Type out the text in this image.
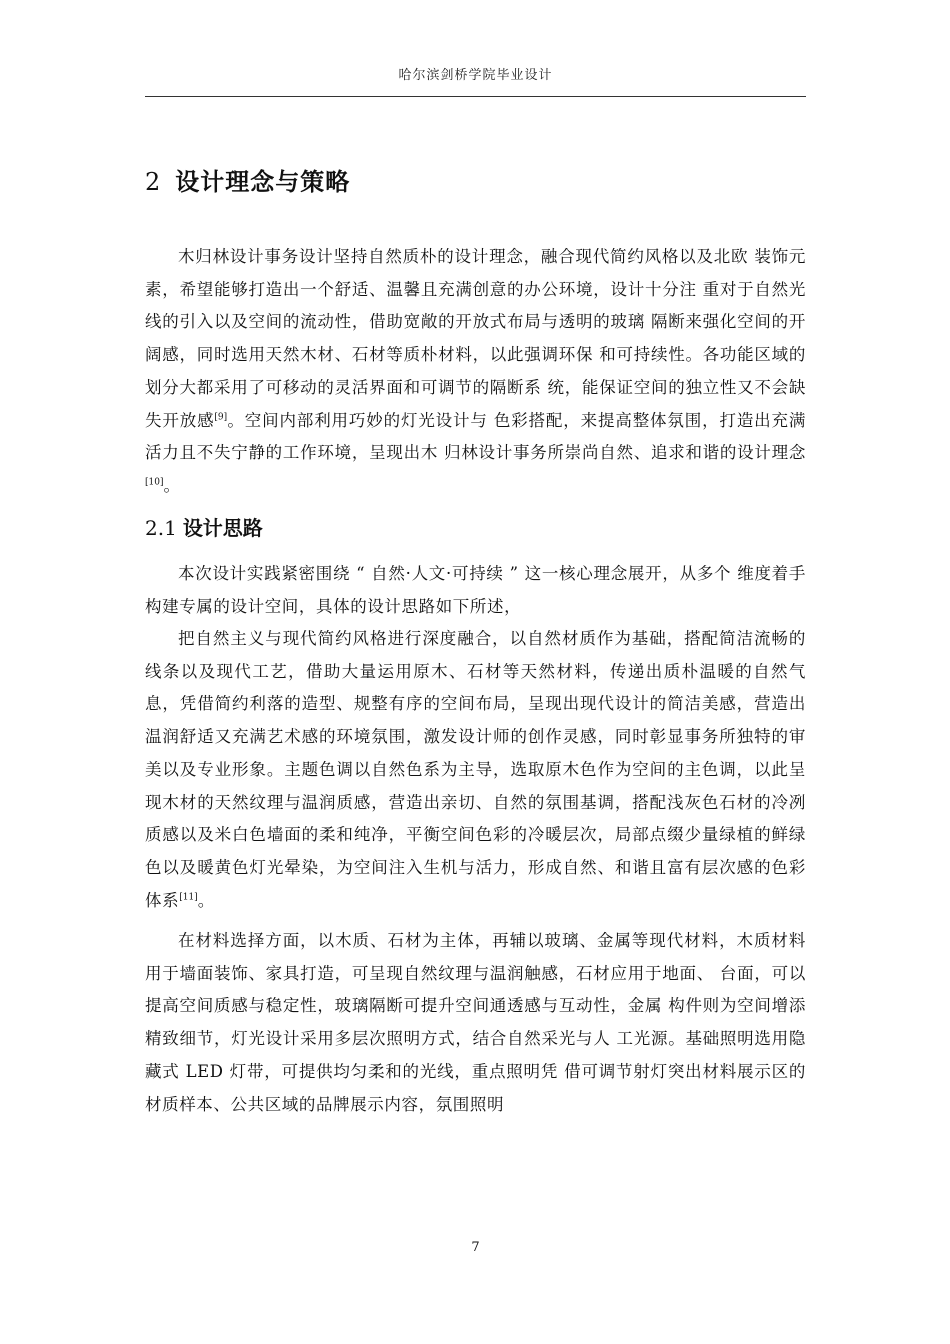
哈尔滨剑桥学院毕业设计
2 设计理念与策略

木归林设计事务设计坚持自然质朴的设计理念，融合现代简约风格以及北欧 装饰元素，希望能够打造出一个舒适、温馨且充满创意的办公环境，设计十分注 重对于自然光线的引入以及空间的流动性，借助宽敞的开放式布局与透明的玻璃 隔断来强化空间的开阔感，同时选用天然木材、石材等质朴材料，以此强调环保 和可持续性。各功能区域的划分大都采用了可移动的灵活界面和可调节的隔断系 统，能保证空间的独立性又不会缺失开放感[9]。空间内部利用巧妙的灯光设计与 色彩搭配，来提高整体氛围，打造出充满活力且不失宁静的工作环境，呈现出木 归林设计事务所崇尚自然、追求和谐的设计理念[10]。

2.1 设计思路

本次设计实践紧密围绕 “ 自然·人文·可持续 ” 这一核心理念展开，从多个 维度着手构建专属的设计空间，具体的设计思路如下所述，

把自然主义与现代简约风格进行深度融合，以自然材质作为基础，搭配简洁流畅的线条以及现代工艺，借助大量运用原木、石材等天然材料，传递出质朴温暖的自然气息，凭借简约利落的造型、规整有序的空间布局，呈现出现代设计的简洁美感，营造出温润舒适又充满艺术感的环境氛围，激发设计师的创作灵感，同时彰显事务所独特的审美以及专业形象。主题色调以自然色系为主导，选取原木色作为空间的主色调，以此呈现木材的天然纹理与温润质感，营造出亲切、自然的氛围基调，搭配浅灰色石材的冷冽质感以及米白色墙面的柔和纯净，平衡空间色彩的冷暖层次，局部点缀少量绿植的鲜绿色以及暖黄色灯光晕染，为空间注入生机与活力，形成自然、和谐且富有层次感的色彩体系[11]。

在材料选择方面，以木质、石材为主体，再辅以玻璃、金属等现代材料，木质材料用于墙面装饰、家具打造，可呈现自然纹理与温润触感，石材应用于地面、 台面，可以提高空间质感与稳定性，玻璃隔断可提升空间通透感与互动性，金属 构件则为空间增添精致细节，灯光设计采用多层次照明方式，结合自然采光与人 工光源。基础照明选用隐藏式 LED 灯带，可提供均匀柔和的光线，重点照明凭 借可调节射灯突出材料展示区的材质样本、公共区域的品牌展示内容，氛围照明

7
